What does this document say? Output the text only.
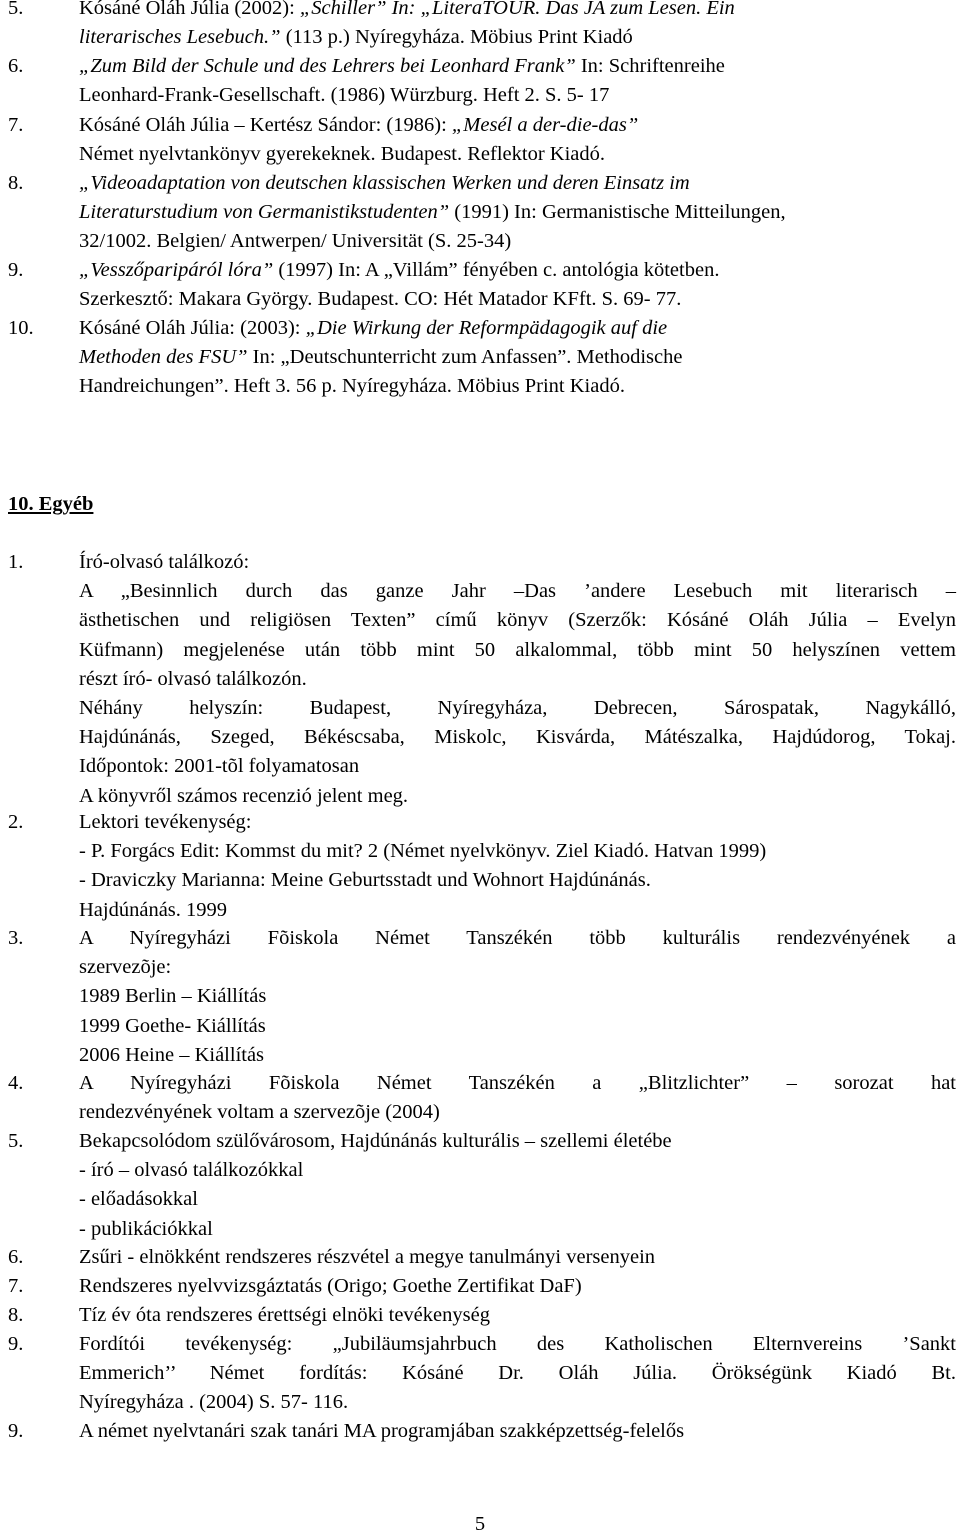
5.	Kósáné Oláh Júlia (2002): „Schiller” In: „LiteraTOUR. Das JA zum Lesen. Ein
literarisches Lesebuch.” (113 p.) Nyíregyháza. Möbius Print Kiadó
6.	„Zum Bild der Schule und des Lehrers bei Leonhard Frank” In: Schriftenreihe
Leonhard-Frank-Gesellschaft. (1986) Würzburg. Heft 2. S. 5- 17
7.	Kósáné Oláh Júlia – Kertész Sándor: (1986): „Mesél a der-die-das”
Német nyelvtankönyv gyerekeknek. Budapest. Reflektor Kiadó.
8.	„Videoadaptation von deutschen klassischen Werken und deren Einsatz im
Literaturstudium von Germanistikstudenten” (1991) In: Germanistische Mitteilungen,
32/1002. Belgien/ Antwerpen/ Universität (S. 25-34)
9.	„Vesszőparipáról lóra” (1997) In: A „Villám” fényében c. antológia kötetben.
Szerkesztő: Makara György. Budapest. CO: Hét Matador KFft. S. 69- 77.
10.	Kósáné Oláh Júlia: (2003): „Die Wirkung der Reformpädagogik auf die
Methoden des FSU” In: „Deutschunterricht zum Anfassen”. Methodische
Handreichungen”. Heft 3. 56 p. Nyíregyháza. Möbius Print Kiadó.
10. Egyéb
1.	Író-olvasó találkozó:
A „Besinnlich durch das ganze Jahr –Das ’andere Lesebuch mit literarisch –
ästhetischen und religiösen Texten” című könyv (Szerzők: Kósáné Oláh Júlia – Evelyn
Küfmann) megjelenése után több mint 50 alkalommal, több mint 50 helyszínen vettem
részt író- olvasó találkozón.
Néhány helyszín: Budapest, Nyíregyháza, Debrecen, Sárospatak, Nagykálló,
Hajdúnánás, Szeged, Békéscsaba, Miskolc, Kisvárda, Mátészalka, Hajdúdorog, Tokaj.
Időpontok: 2001-tõl folyamatosan
A könyvről számos recenzió jelent meg.
2.	Lektori tevékenység:
- P. Forgács Edit: Kommst du mit? 2 (Német nyelvkönyv. Ziel Kiadó. Hatvan 1999)
- Draviczky Marianna: Meine Geburtsstadt und Wohnort Hajdúnánás.
Hajdúnánás. 1999
3.	A Nyíregyházi Fõiskola Német Tanszékén több kulturális rendezvényének a
szervezõje:
1989 Berlin – Kiállítás
1999 Goethe- Kiállítás
2006 Heine – Kiállítás
4.	A Nyíregyházi Fõiskola Német Tanszékén a „Blitzlichter” – sorozat hat
rendezvényének voltam a szervezõje (2004)
5.	Bekapcsolódom szülővárosom, Hajdúnánás kulturális – szellemi életébe
- író – olvasó találkozókkal
- előadásokkal
- publikációkkal
6.	Zsűri - elnökként rendszeres részvétel a megye tanulmányi versenyein
7.	Rendszeres nyelvvizsgáztatás (Origo; Goethe Zertifikat DaF)
8.	Tíz év óta rendszeres érettségi elnöki tevékenység
9.	Fordítói tevékenység: „Jubiläumsjahrbuch des Katholischen Elternvereins ’Sankt
Emmerich’’ Német fordítás: Kósáné Dr. Oláh Júlia. Örökségünk Kiadó Bt.
Nyíregyháza . (2004) S. 57- 116.
9.	A német nyelvtanári szak tanári MA programjában szakképzettség-felelős
5
